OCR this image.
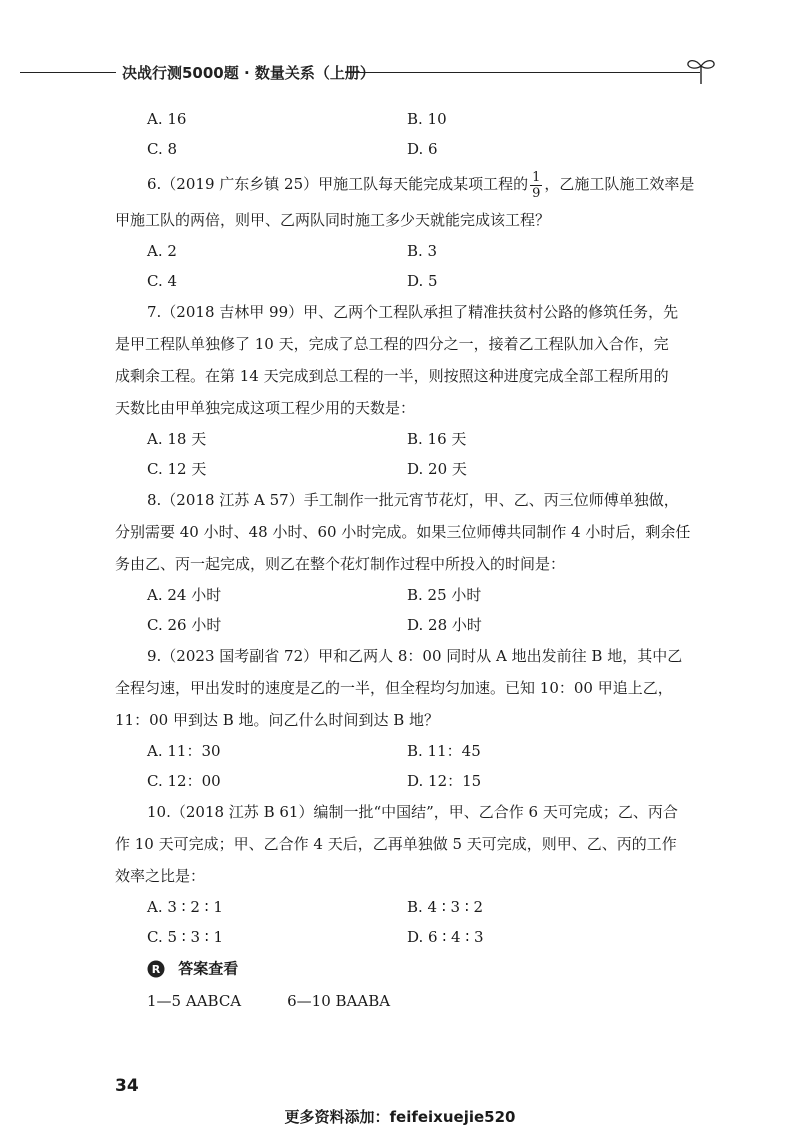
决战行测5000题 · 数量关系（上册）
A. 16	B. 10
C. 8	D. 6
6.（2019 广东乡镇 25）甲施工队每天能完成某项工程的 $\frac{1}{9}$ ，乙施工队施工效率是
甲施工队的两倍，则甲、乙两队同时施工多少天就能完成该工程？
A. 2	B. 3
C. 4	D. 5
7.（2018 吉林甲 99）甲、乙两个工程队承担了精准扶贫村公路的修筑任务，先
是甲工程队单独修了 10 天，完成了总工程的四分之一，接着乙工程队加入合作，完
成剩余工程。在第 14 天完成到总工程的一半，则按照这种进度完成全部工程所用的
天数比由甲单独完成这项工程少用的天数是：
A. 18 天	B. 16 天
C. 12 天	D. 20 天
8.（2018 江苏 A 57）手工制作一批元宵节花灯，甲、乙、丙三位师傅单独做，
分别需要 40 小时、48 小时、60 小时完成。如果三位师傅共同制作 4 小时后，剩余任
务由乙、丙一起完成，则乙在整个花灯制作过程中所投入的时间是：
A. 24 小时	B. 25 小时
C. 26 小时	D. 28 小时
9.（2023 国考副省 72）甲和乙两人 8：00 同时从 A 地出发前往 B 地，其中乙
全程匀速，甲出发时的速度是乙的一半，但全程均匀加速。已知 10：00 甲追上乙，
11：00 甲到达 B 地。问乙什么时间到达 B 地？
A. 11：30	B. 11：45
C. 12：00	D. 12：15
10.（2018 江苏 B 61）编制一批“中国结”，甲、乙合作 6 天可完成；乙、丙合
作 10 天可完成；甲、乙合作 4 天后，乙再单独做 5 天可完成，则甲、乙、丙的工作
效率之比是：
A. 3 ∶ 2 ∶ 1	B. 4 ∶ 3 ∶ 2
C. 5 ∶ 3 ∶ 1	D. 6 ∶ 4 ∶ 3
R 答案查看
1—5 AABCA	6—10 BAABA
34
更多资料添加：feifeixuejie520
